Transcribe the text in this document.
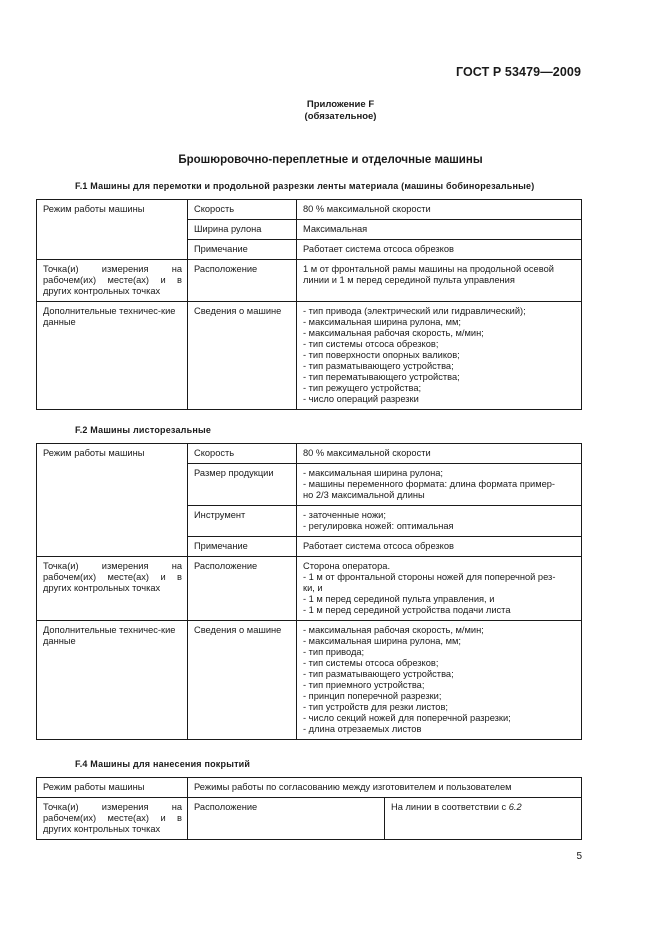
ГОСТ Р 53479—2009
Приложение F
(обязательное)
Брошюровочно-переплетные и отделочные машины
F.1 Машины для перемотки и продольной разрезки ленты материала (машины бобинорезальные)
Режим работы машины	Скорость	80 % максимальной скорости
	Ширина рулона	Максимальная
	Примечание	Работает система отсоса обрезков
Точка(и) измерения на рабочем(их) месте(ах) и в других контрольных точках	Расположение	1 м от фронтальной рамы машины на продольной осевой линии и 1 м перед серединой пульта управления
Дополнительные техничес-кие данные	Сведения о машине	- тип привода (электрический или гидравлический);
- максимальная ширина рулона, мм;
- максимальная рабочая скорость, м/мин;
- тип системы отсоса обрезков;
- тип поверхности опорных валиков;
- тип разматывающего устройства;
- тип перематывающего устройства;
- тип режущего устройства;
- число операций разрезки
F.2 Машины листорезальные
Режим работы машины	Скорость	80 % максимальной скорости
	Размер продукции	- максимальная ширина рулона;
- машины переменного формата: длина формата пример-
но 2/3 максимальной длины

	Инструмент	- заточенные ножи;
- регулировка ножей: оптимальная

	Примечание	Работает система отсоса обрезков
Точка(и) измерения на рабочем(их) месте(ах) и в других контрольных точках	Расположение	Сторона оператора.
- 1 м от фронтальной стороны ножей для поперечной рез-
ки, и
- 1 м перед серединой пульта управления, и
- 1 м перед серединой устройства подачи листа

Дополнительные техничес-кие данные	Сведения о машине	- максимальная рабочая скорость, м/мин;
- максимальная ширина рулона, мм;
- тип привода;
- тип системы отсоса обрезков;
- тип разматывающего устройства;
- тип приемного устройства;
- принцип поперечной разрезки;
- тип устройств для резки листов;
- число секций ножей для поперечной разрезки;
- длина отрезаемых листов
F.4 Машины для нанесения покрытий
Режим работы машины	Режимы работы по согласованию между изготовителем и пользователем	
Точка(и) измерения на рабочем(их) месте(ах) и в других контрольных точках	Расположение	На линии в соответствии с 6.2
5
